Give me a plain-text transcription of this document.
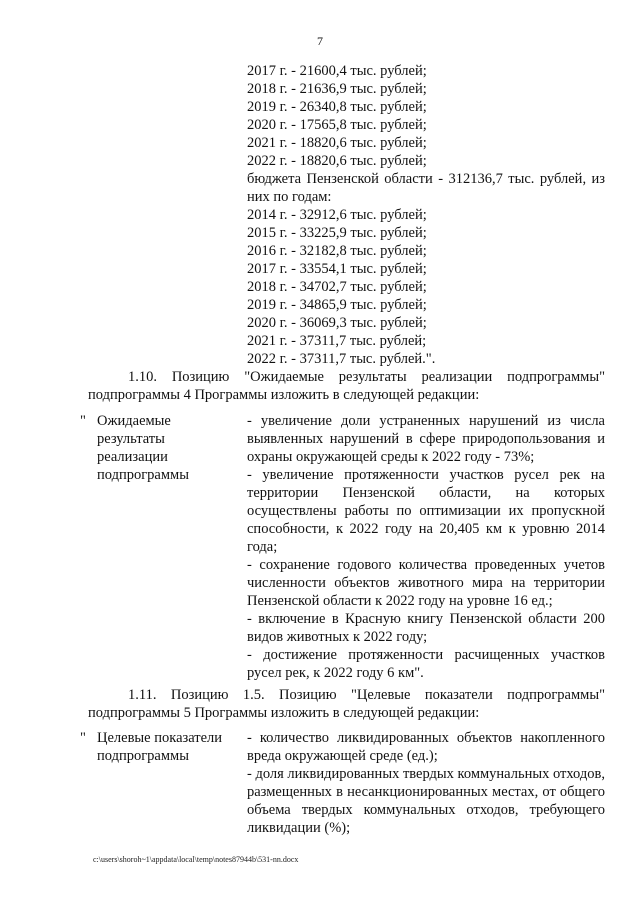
7
2017 г. - 21600,4 тыс. рублей;
2018 г. - 21636,9 тыс. рублей;
2019 г. - 26340,8 тыс. рублей;
2020 г. - 17565,8 тыс. рублей;
2021 г. - 18820,6 тыс. рублей;
2022 г. - 18820,6 тыс. рублей;
бюджета Пензенской области - 312136,7 тыс. рублей, из них по годам:
2014 г. - 32912,6 тыс. рублей;
2015 г. - 33225,9 тыс. рублей;
2016 г. - 32182,8 тыс. рублей;
2017 г. - 33554,1 тыс. рублей;
2018 г. - 34702,7 тыс. рублей;
2019 г. - 34865,9 тыс. рублей;
2020 г. - 36069,3 тыс. рублей;
2021 г. - 37311,7 тыс. рублей;
2022 г. - 37311,7 тыс. рублей.".
1.10. Позицию "Ожидаемые результаты реализации подпрограммы" подпрограммы 4 Программы изложить в следующей редакции:
" Ожидаемые результаты реализации подпрограммы
- увеличение доли устраненных нарушений из числа выявленных нарушений в сфере природопользования и охраны окружающей среды к 2022 году - 73%;
- увеличение протяженности участков русел рек на территории Пензенской области, на которых осуществлены работы по оптимизации их пропускной способности, к 2022 году на 20,405 км к уровню 2014 года;
- сохранение годового количества проведенных учетов численности объектов животного мира на территории Пензенской области к 2022 году на уровне 16 ед.;
- включение в Красную книгу Пензенской области 200 видов животных к 2022 году;
- достижение протяженности расчищенных участков русел рек, к 2022 году 6 км".
1.11. Позицию 1.5. Позицию "Целевые показатели подпрограммы" подпрограммы 5 Программы изложить в следующей редакции:
" Целевые показатели подпрограммы
- количество ликвидированных объектов накопленного вреда окружающей среде (ед.);
- доля ликвидированных твердых коммунальных отходов, размещенных в несанкционированных местах, от общего объема твердых коммунальных отходов, требующего ликвидации (%);
c:\users\shoroh~1\appdata\local\temp\notes87944b\531-nn.docx
